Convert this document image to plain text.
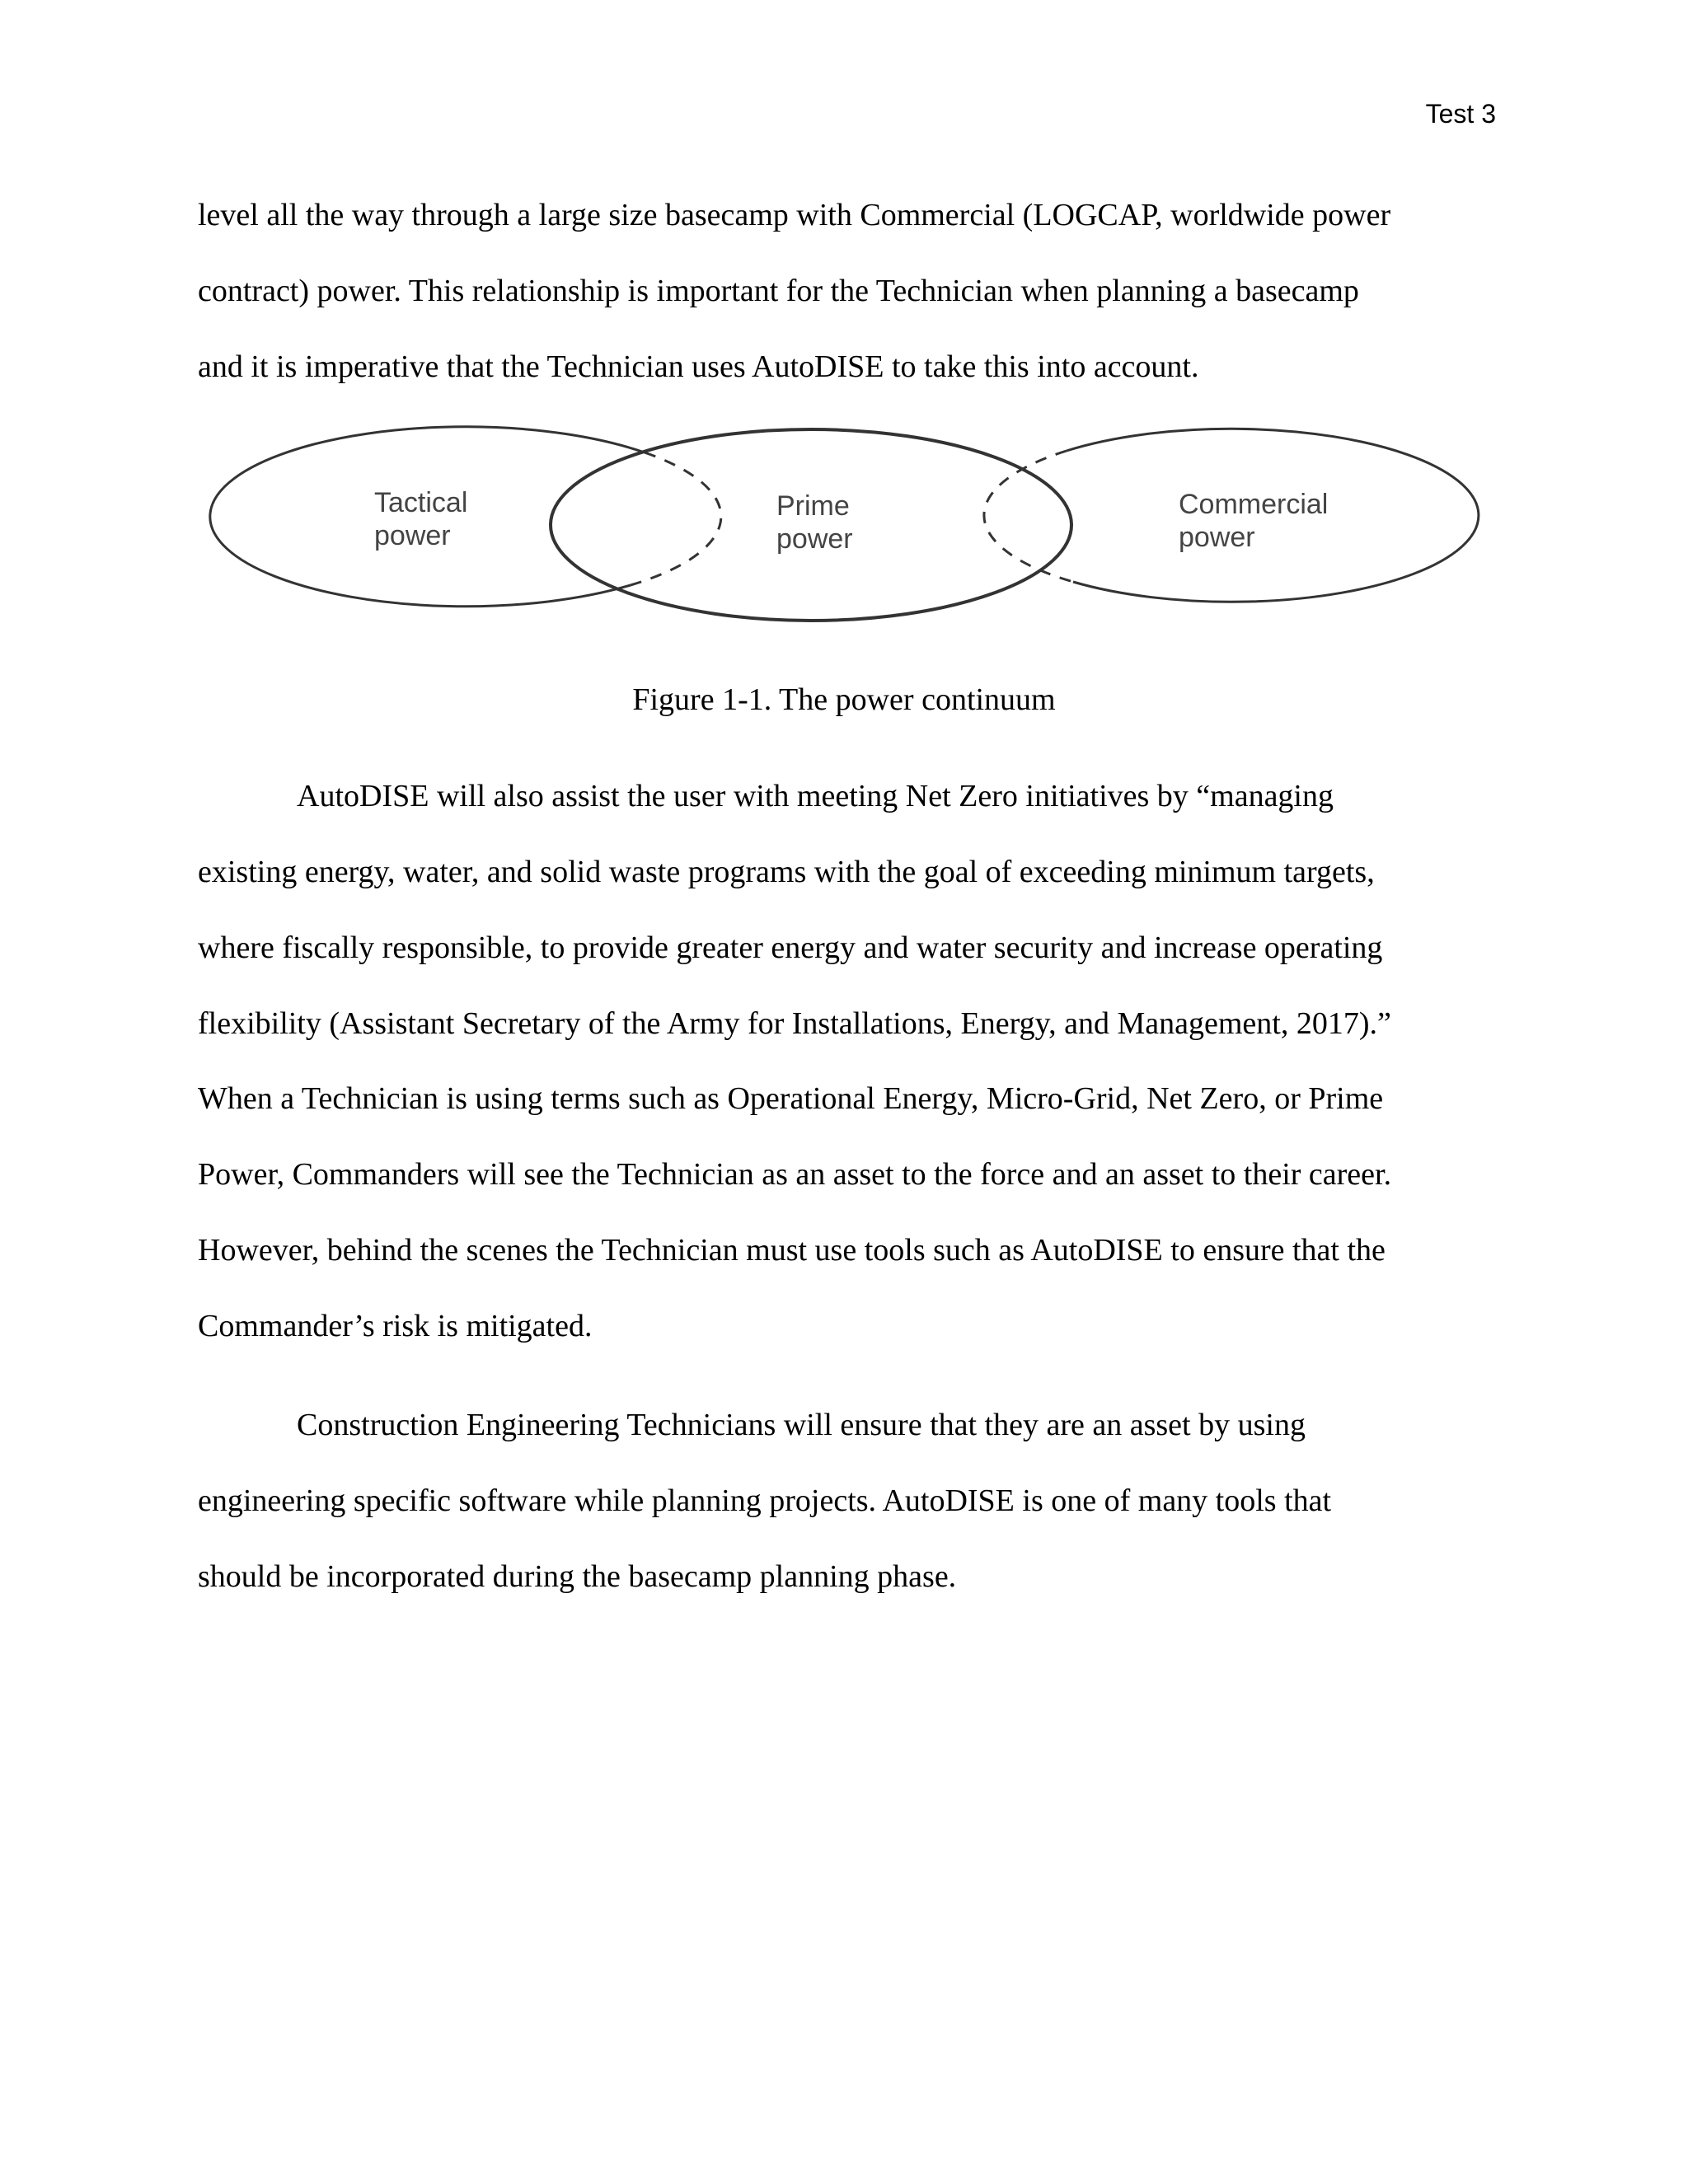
Test 3
level all the way through a large size basecamp with Commercial (LOGCAP, worldwide power
contract) power. This relationship is important for the Technician when planning a basecamp
and it is imperative that the Technician uses AutoDISE to take this into account.
Tactical
power
Prime
power
Commercial
power
Figure 1-1. The power continuum
AutoDISE will also assist the user with meeting Net Zero initiatives by “managing
existing energy, water, and solid waste programs with the goal of exceeding minimum targets,
where fiscally responsible, to provide greater energy and water security and increase operating
flexibility (Assistant Secretary of the Army for Installations, Energy, and Management, 2017).”
When a Technician is using terms such as Operational Energy, Micro-Grid, Net Zero, or Prime
Power, Commanders will see the Technician as an asset to the force and an asset to their career.
However, behind the scenes the Technician must use tools such as AutoDISE to ensure that the
Commander’s risk is mitigated.
Construction Engineering Technicians will ensure that they are an asset by using
engineering specific software while planning projects. AutoDISE is one of many tools that
should be incorporated during the basecamp planning phase.
